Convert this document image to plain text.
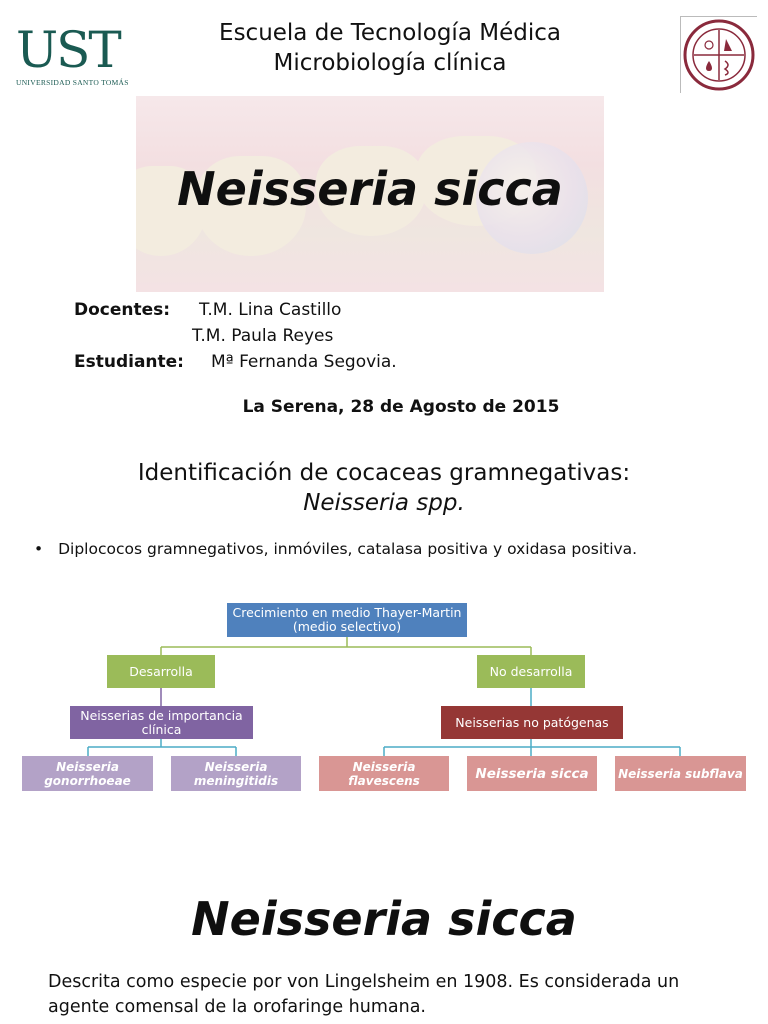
UST
UNIVERSIDAD SANTO TOMÁS
Escuela de Tecnología Médica
Microbiología clínica
Neisseria sicca
Docentes: T.M. Lina Castillo
T.M. Paula Reyes
Estudiante: Mª Fernanda Segovia.
La Serena, 28 de Agosto de 2015
Identificación de cocaceas gramnegativas:
Neisseria spp.
• Diplococos gramnegativos, inmóviles, catalasa positiva y oxidasa positiva.
Crecimiento en medio Thayer-Martin (medio selectivo)
Desarrolla	No desarrolla
Neisserias de importancia clínica	Neisserias no patógenas
Neisseria gonorrhoeae
Neisseria meningitidis
Neisseria flavescens	Neisseria sicca Neisseria subflava
Neisseria sicca
Descrita como especie por von Lingelsheim en 1908. Es considerada un agente comensal de la orofaringe humana.
